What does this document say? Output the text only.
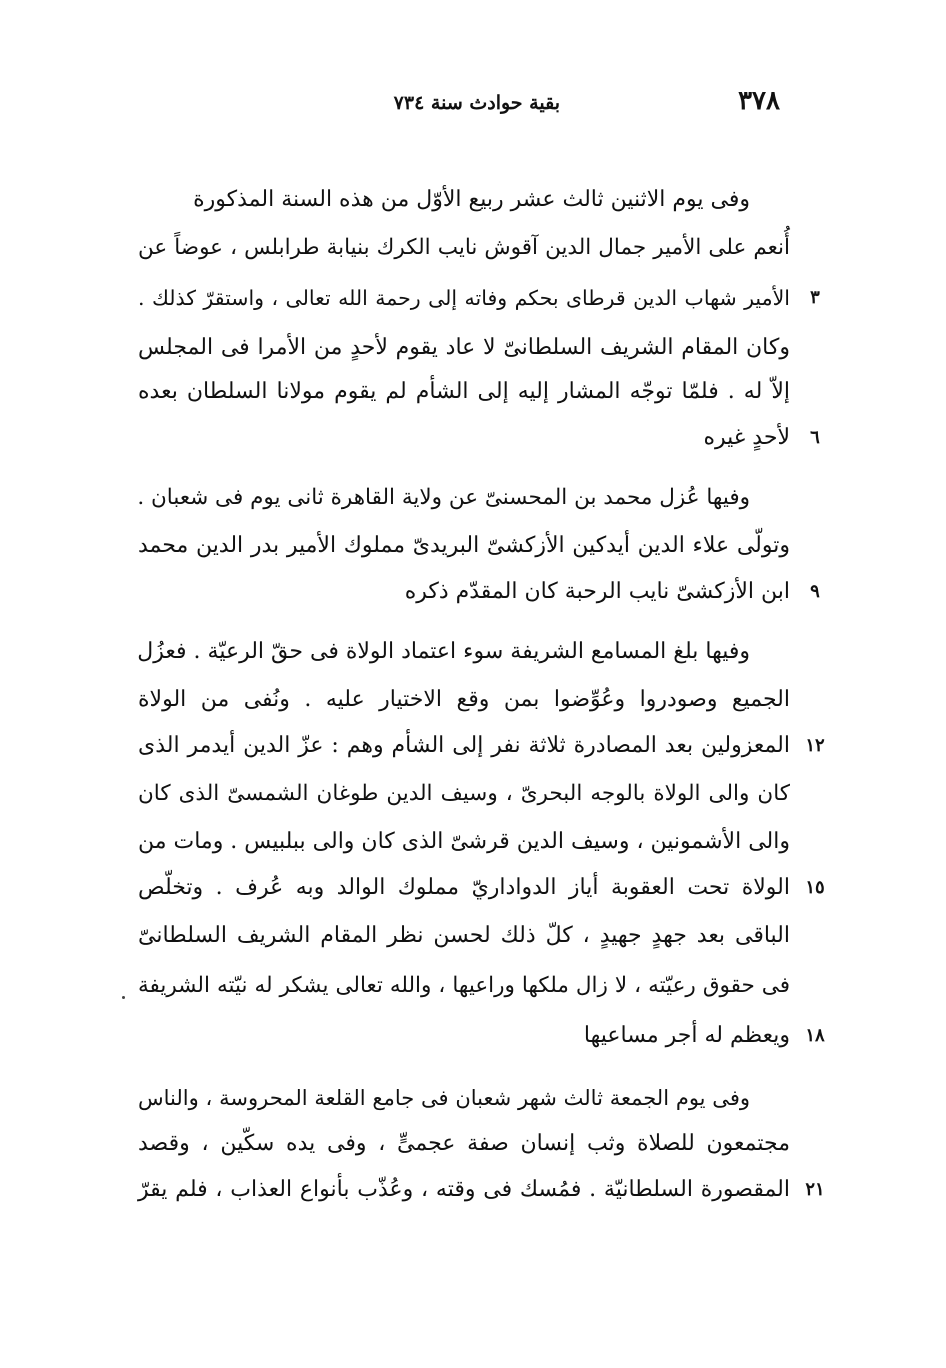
٣٧٨
بقية حوادث سنة ٧٣٤
وفى يوم الاثنين ثالث عشر ربيع الأوّل من هذه السنة المذكورة
أُنعم على الأمير جمال الدين آقوش نايب الكرك بنيابة طرابلس ، عوضاً عن
الأمير شهاب الدين قرطاى بحكم وفاته إلى رحمة الله تعالى ، واستقرّ كذلك .
وكان المقام الشريف السلطانىّ لا عاد يقوم لأحدٍ من الأمرا فى المجلس
إلاّ له . فلمّا توجّه المشار إليه إلى الشأم لم يقوم مولانا السلطان بعده
لأحدٍ غيره
وفيها عُزل محمد بن المحسنىّ عن ولاية القاهرة ثانى يوم فى شعبان .
وتولّى علاء الدين أيدكين الأزكشىّ البريدىّ مملوك الأمير بدر الدين محمد
ابن الأزكشىّ نايب الرحبة كان المقدّم ذكره
وفيها بلغ المسامع الشريفة سوء اعتماد الولاة فى حقّ الرعيّة . فعزُل
الجميع وصودروا وعُوِّضوا بمن وقع الاختيار عليه . ونُفى من الولاة
المعزولين بعد المصادرة ثلاثة نفر إلى الشأم وهم : عزّ الدين أيدمر الذى
كان والى الولاة بالوجه البحرىّ ، وسيف الدين طوغان الشمسىّ الذى كان
والى الأشمونين ، وسيف الدين قرشىّ الذى كان والى ببلبيس . ومات من
الولاة تحت العقوبة أياز الدواداريّ مملوك الوالد وبه عُرف . وتخلّص
الباقى بعد جهدٍ جهيدٍ ، كلّ ذلك لحسن نظر المقام الشريف السلطانىّ
فى حقوق رعيّته ، لا زال ملكها وراعيها ، والله تعالى يشكر له نيّته الشريفة
ويعظم له أجر مساعيها
وفى يوم الجمعة ثالث شهر شعبان فى جامع القلعة المحروسة ، والناس
مجتمعون للصلاة وثب إنسان صفة عجمىٍّ ، وفى يده سكّين ، وقصد
المقصورة السلطانيّة . فمُسك فى وقته ، وعُذّب بأنواع العذاب ، فلم يقرّ
٣
٦
٩
١٢
١٥
١٨
٢١
